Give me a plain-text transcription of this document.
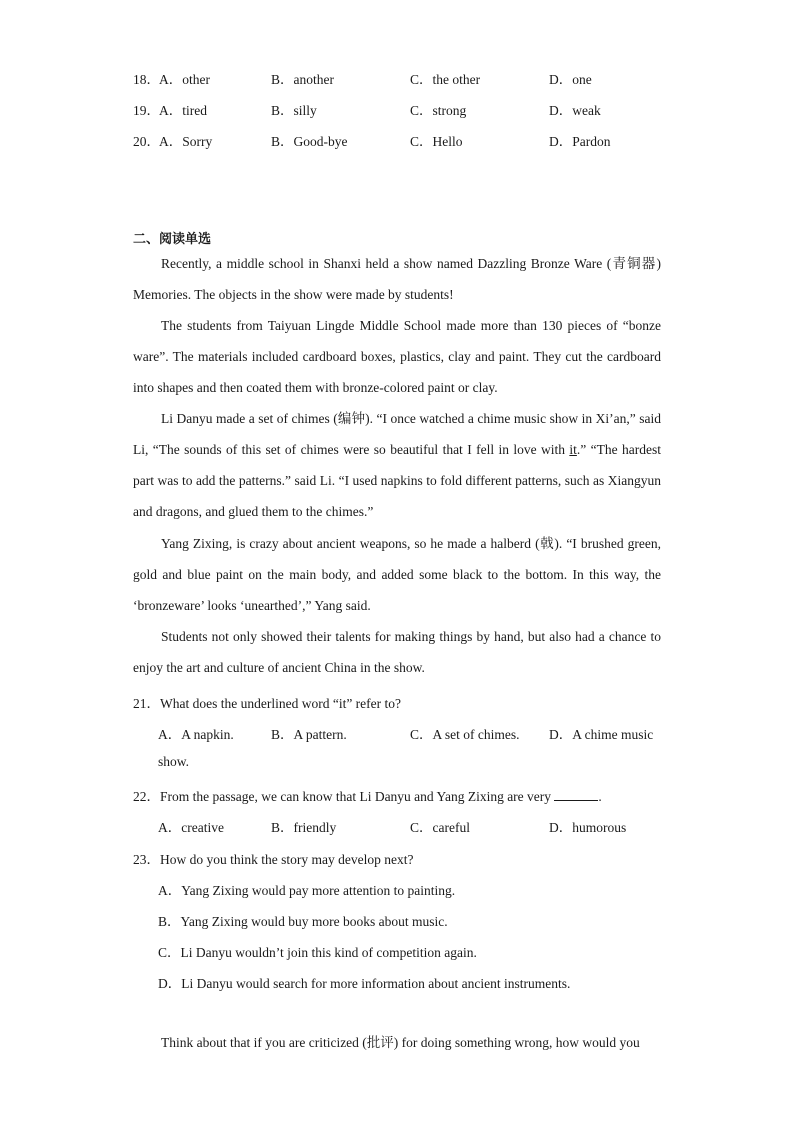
18． A．other	B．another	C．the other	D．one
19． A．tired	B．silly	C．strong	D．weak
20． A．Sorry	B．Good-bye	C．Hello	D．Pardon
二、阅读单选

Recently, a middle school in Shanxi held a show named Dazzling Bronze Ware (青铜器) Memories. The objects in the show were made by students!

The students from Taiyuan Lingde Middle School made more than 130 pieces of “bonze ware”. The materials included cardboard boxes, plastics, clay and paint. They cut the cardboard into shapes and then coated them with bronze-colored paint or clay.

Li Danyu made a set of chimes (编钟). “I once watched a chime music show in Xi’an,” said Li, “The sounds of this set of chimes were so beautiful that I fell in love with it.” “The hardest part was to add the patterns.” said Li. “I used napkins to fold different patterns, such as Xiangyun and dragons, and glued them to the chimes.”

Yang Zixing, is crazy about ancient weapons, so he made a halberd (戟). “I brushed green, gold and blue paint on the main body, and added some black to the bottom. In this way, the ‘bronzeware’ looks ‘unearthed’,” Yang said.

Students not only showed their talents for making things by hand, but also had a chance to enjoy the art and culture of ancient China in the show.

21．What does the underlined word “it” refer to?
A．A napkin.	B．A pattern.	C．A set of chimes. D．A chime music
show.
22．From the passage, we can know that Li Danyu and Yang Zixing are very	.
A．creative	B．friendly	C．careful	D．humorous
23．How do you think the story may develop next?
A．Yang Zixing would pay more attention to painting.
B．Yang Zixing would buy more books about music.
C．Li Danyu wouldn’t join this kind of competition again.
D．Li Danyu would search for more information about ancient instruments.

Think about that if you are criticized (批评) for doing something wrong, how would you
